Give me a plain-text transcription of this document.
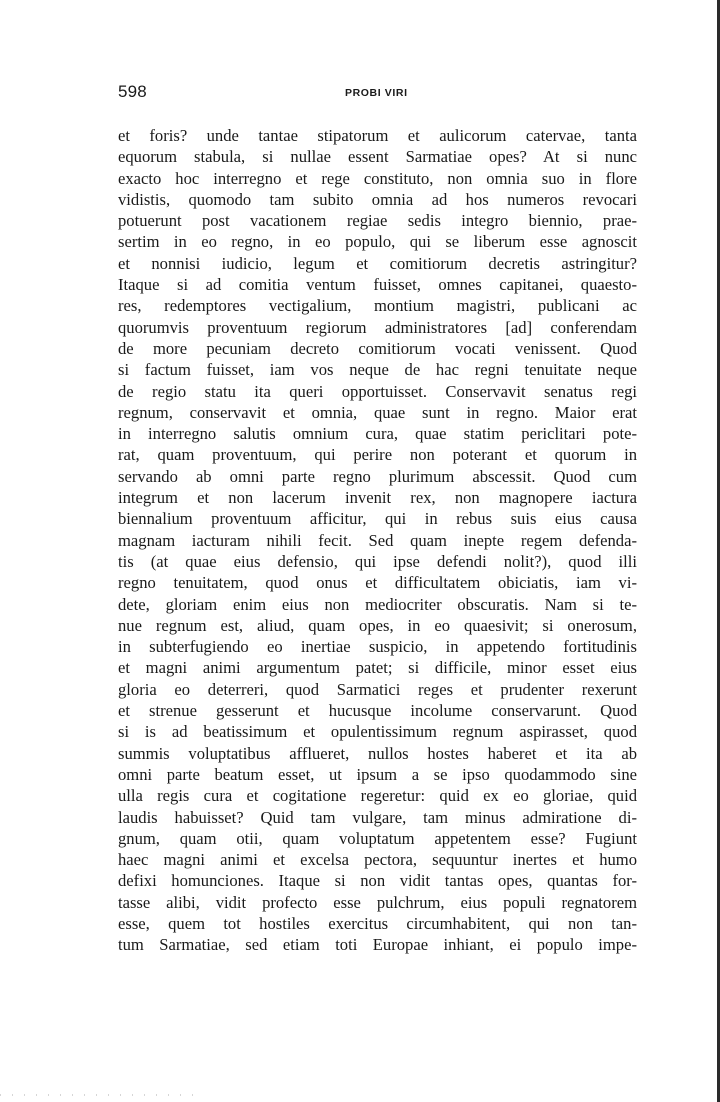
598	PROBI VIRI
et foris? unde tantae stipatorum et aulicorum catervae, tanta
equorum stabula, si nullae essent Sarmatiae opes? At si nunc
exacto hoc interregno et rege constituto, non omnia suo in flore
vidistis, quomodo tam subito omnia ad hos numeros revocari
potuerunt post vacationem regiae sedis integro biennio, prae-
sertim in eo regno, in eo populo, qui se liberum esse agnoscit
et nonnisi iudicio, legum et comitiorum decretis astringitur?
Itaque si ad comitia ventum fuisset, omnes capitanei, quaesto-
res, redemptores vectigalium, montium magistri, publicani ac
quorumvis proventuum regiorum administratores [ad] conferendam
de more pecuniam decreto comitiorum vocati venissent. Quod
si factum fuisset, iam vos neque de hac regni tenuitate neque
de regio statu ita queri opportuisset. Conservavit senatus regi
regnum, conservavit et omnia, quae sunt in regno. Maior erat
in interregno salutis omnium cura, quae statim periclitari pote-
rat, quam proventuum, qui perire non poterant et quorum in
servando ab omni parte regno plurimum abscessit. Quod cum
integrum et non lacerum invenit rex, non magnopere iactura
biennalium proventuum afficitur, qui in rebus suis eius causa
magnam iacturam nihili fecit. Sed quam inepte regem defenda-
tis (at quae eius defensio, qui ipse defendi nolit?), quod illi
regno tenuitatem, quod onus et difficultatem obiciatis, iam vi-
dete, gloriam enim eius non mediocriter obscuratis. Nam si te-
nue regnum est, aliud, quam opes, in eo quaesivit; si onerosum,
in subterfugiendo eo inertiae suspicio, in appetendo fortitudinis
et magni animi argumentum patet; si difficile, minor esset eius
gloria eo deterreri, quod Sarmatici reges et prudenter rexerunt
et strenue gesserunt et hucusque incolume conservarunt. Quod
si is ad beatissimum et opulentissimum regnum aspirasset, quod
summis voluptatibus afflueret, nullos hostes haberet et ita ab
omni parte beatum esset, ut ipsum a se ipso quodammodo sine
ulla regis cura et cogitatione regeretur: quid ex eo gloriae, quid
laudis habuisset? Quid tam vulgare, tam minus admiratione di-
gnum, quam otii, quam voluptatum appetentem esse? Fugiunt
haec magni animi et excelsa pectora, sequuntur inertes et humo
defixi homunciones. Itaque si non vidit tantas opes, quantas for-
tasse alibi, vidit profecto esse pulchrum, eius populi regnatorem
esse, quem tot hostiles exercitus circumhabitent, qui non tan-
tum Sarmatiae, sed etiam toti Europae inhiant, ei populo impe-
